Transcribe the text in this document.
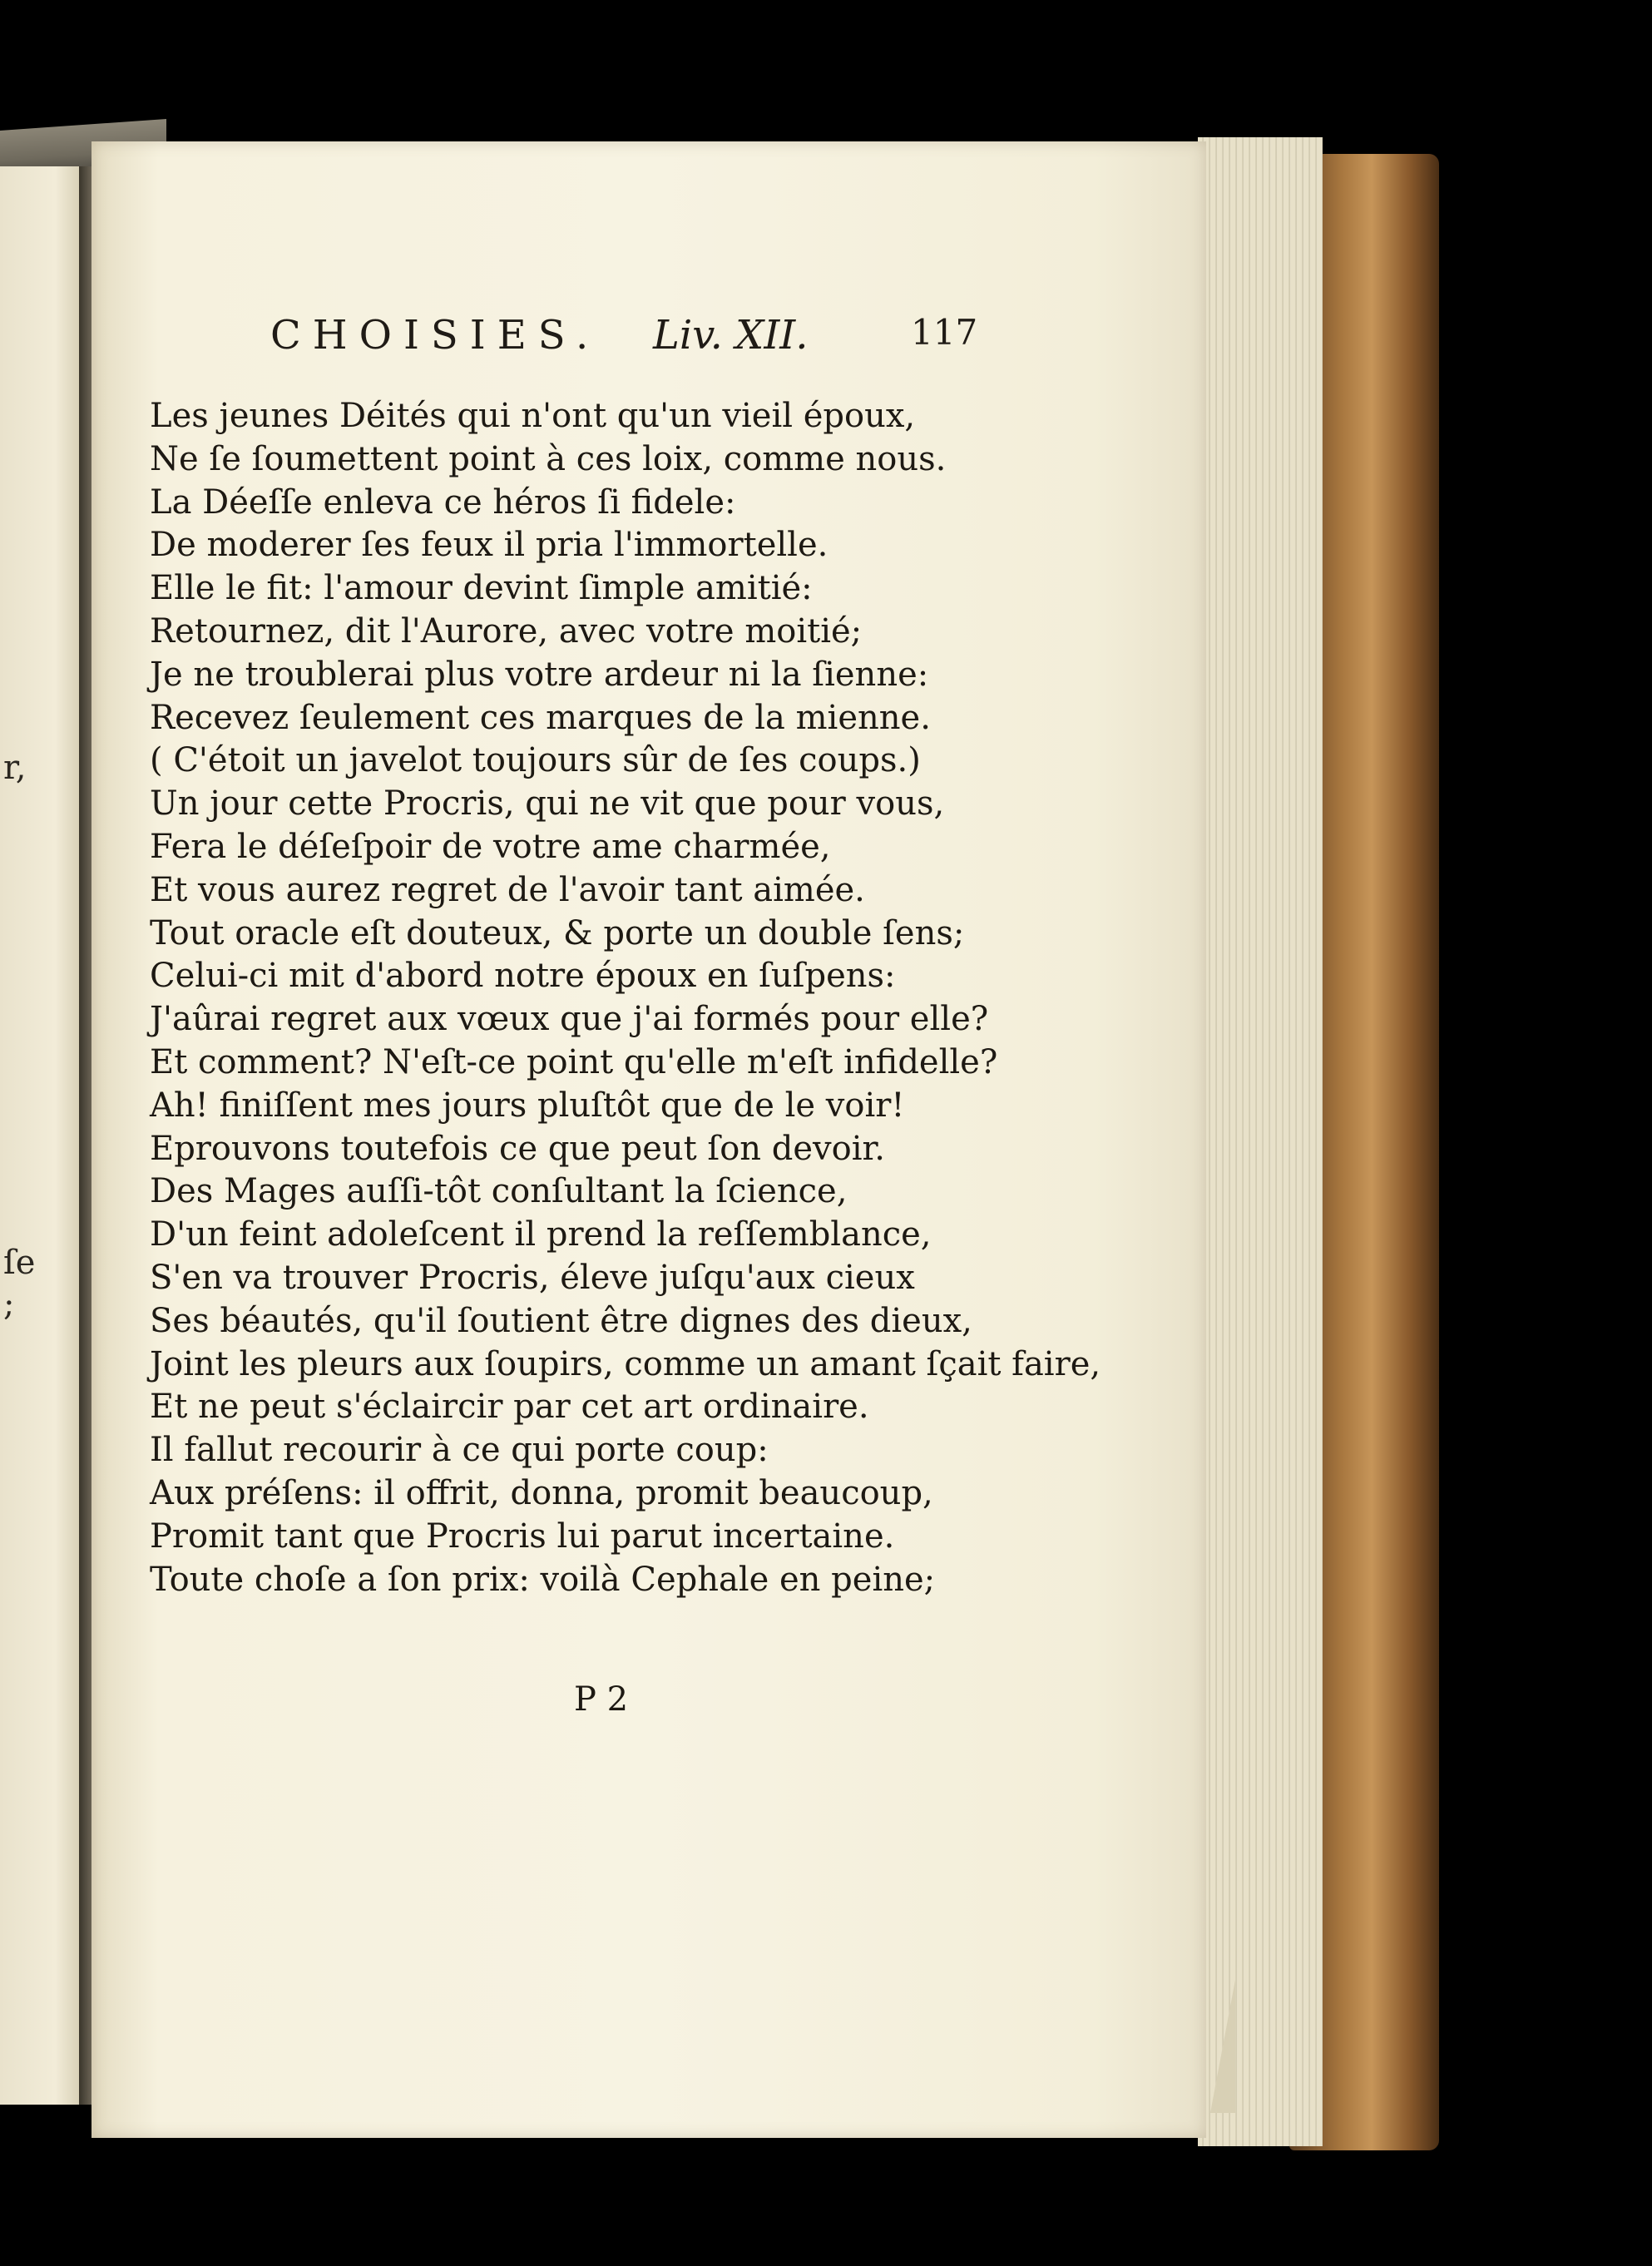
r,
ſe
;
CHOISIES. Liv. XII.	117
Les jeunes Déités qui n'ont qu'un vieil époux,
Ne ſe ſoumettent point à ces loix, comme nous.
La Déeſſe enleva ce héros ſi fidele:
De moderer ſes feux il pria l'immortelle.
Elle le fit: l'amour devint ſimple amitié:
Retournez, dit l'Aurore, avec votre moitié;
Je ne troublerai plus votre ardeur ni la ſienne:
Recevez ſeulement ces marques de la mienne.
( C'étoit un javelot toujours sûr de ſes coups.)
Un jour cette Procris, qui ne vit que pour vous,
Fera le déſeſpoir de votre ame charmée,
Et vous aurez regret de l'avoir tant aimée.
Tout oracle eſt douteux, & porte un double ſens;
Celui-ci mit d'abord notre époux en ſuſpens:
J'aûrai regret aux vœux que j'ai formés pour elle?
Et comment? N'eſt-ce point qu'elle m'eſt infidelle?
Ah! finiſſent mes jours pluſtôt que de le voir!
Eprouvons toutefois ce que peut ſon devoir.
Des Mages auſſi-tôt conſultant la ſcience,
D'un feint adoleſcent il prend la reſſemblance,
S'en va trouver Procris, éleve juſqu'aux cieux
Ses béautés, qu'il ſoutient être dignes des dieux,
Joint les pleurs aux ſoupirs, comme un amant ſçait faire,
Et ne peut s'éclaircir par cet art ordinaire.
Il fallut recourir à ce qui porte coup:
Aux préſens: il offrit, donna, promit beaucoup,
Promit tant que Procris lui parut incertaine.
Toute choſe a ſon prix: voilà Cephale en peine;
P 2
